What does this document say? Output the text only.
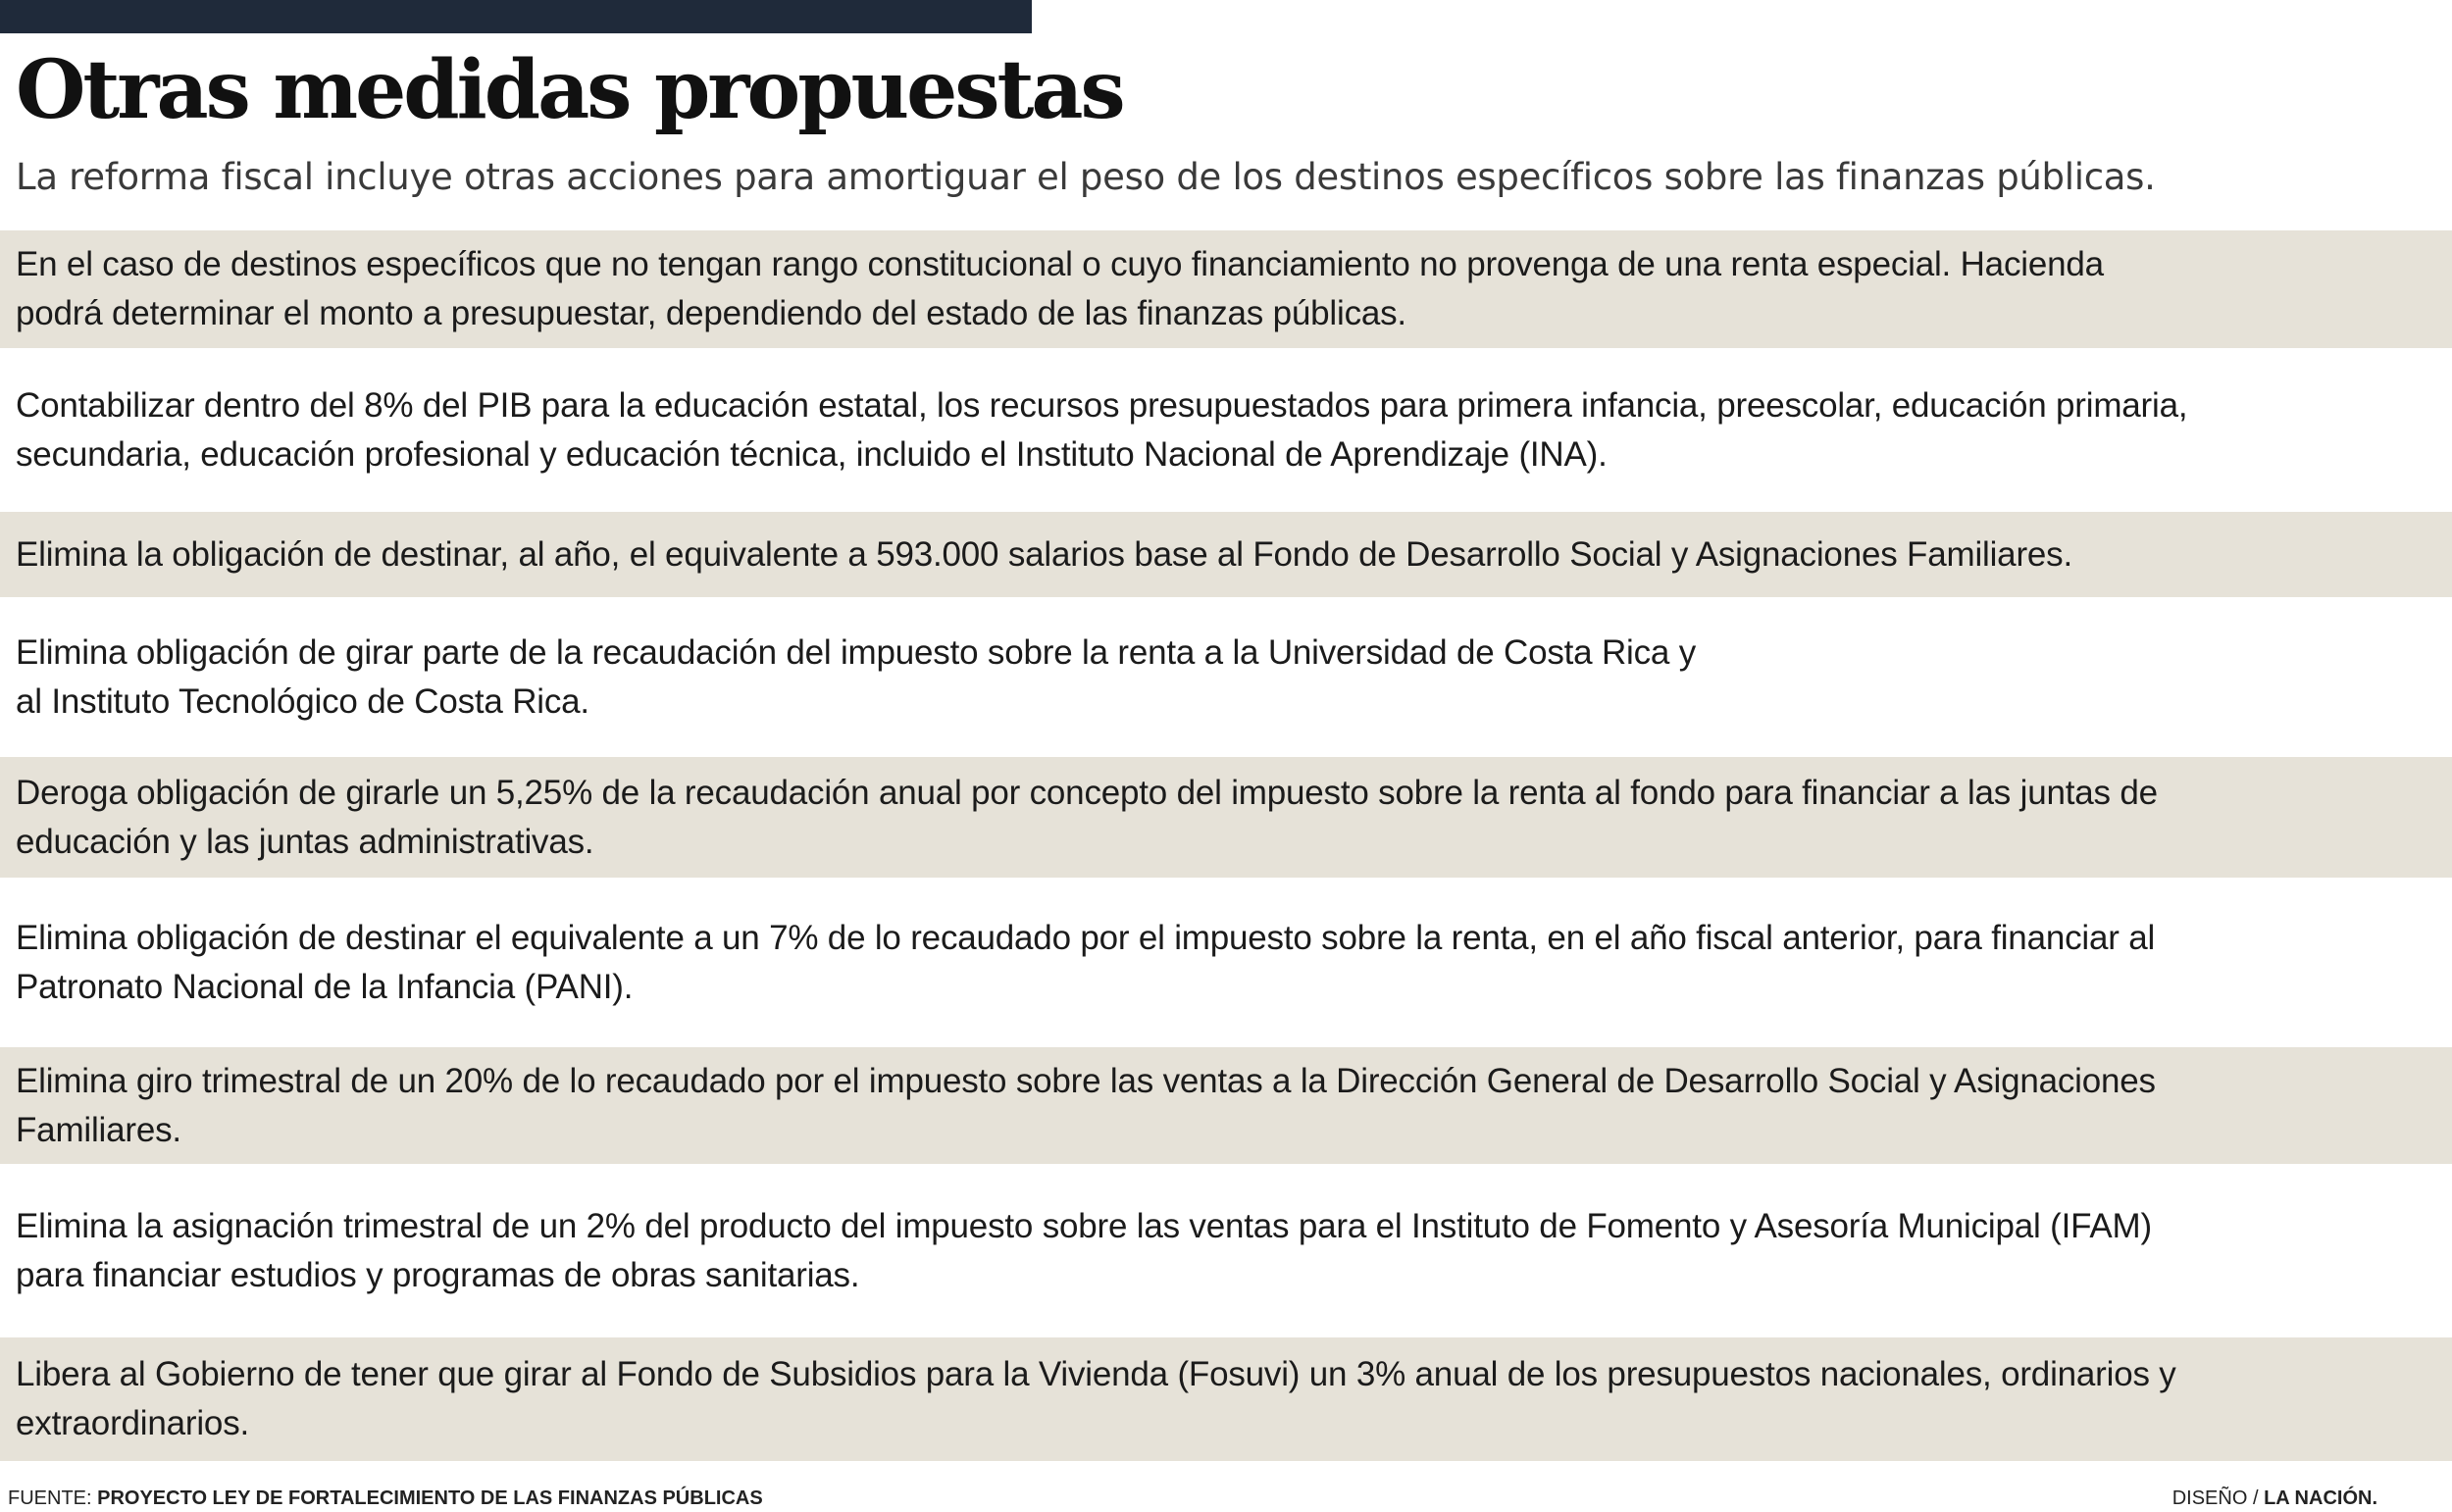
Otras medidas propuestas

La reforma fiscal incluye otras acciones para amortiguar el peso de los destinos específicos sobre las finanzas públicas.

En el caso de destinos específicos que no tengan rango constitucional o cuyo financiamiento no provenga de una renta especial. Hacienda
podrá determinar el monto a presupuestar, dependiendo del estado de las finanzas públicas.
Contabilizar dentro del 8% del PIB para la educación estatal, los recursos presupuestados para primera infancia, preescolar, educación primaria,
secundaria, educación profesional y educación técnica, incluido el Instituto Nacional de Aprendizaje (INA).
Elimina la obligación de destinar, al año, el equivalente a 593.000 salarios base al Fondo de Desarrollo Social y Asignaciones Familiares.
Elimina obligación de girar parte de la recaudación del impuesto sobre la renta a la Universidad de Costa Rica y
al Instituto Tecnológico de Costa Rica.
Deroga obligación de girarle un 5,25% de la recaudación anual por concepto del impuesto sobre la renta al fondo para financiar a las juntas de
educación y las juntas administrativas.
Elimina obligación de destinar el equivalente a un 7% de lo recaudado por el impuesto sobre la renta, en el año fiscal anterior, para financiar al
Patronato Nacional de la Infancia (PANI).
Elimina giro trimestral de un 20% de lo recaudado por el impuesto sobre las ventas a la Dirección General de Desarrollo Social y Asignaciones
Familiares.
Elimina la asignación trimestral de un 2% del producto del impuesto sobre las ventas para el Instituto de Fomento y Asesoría Municipal (IFAM)
para financiar estudios y programas de obras sanitarias.
Libera al Gobierno de tener que girar al Fondo de Subsidios para la Vivienda (Fosuvi) un 3% anual de los presupuestos nacionales, ordinarios y
extraordinarios.
FUENTE: PROYECTO LEY DE FORTALECIMIENTO DE LAS FINANZAS PÚBLICAS	DISEÑO / LA NACIÓN.
